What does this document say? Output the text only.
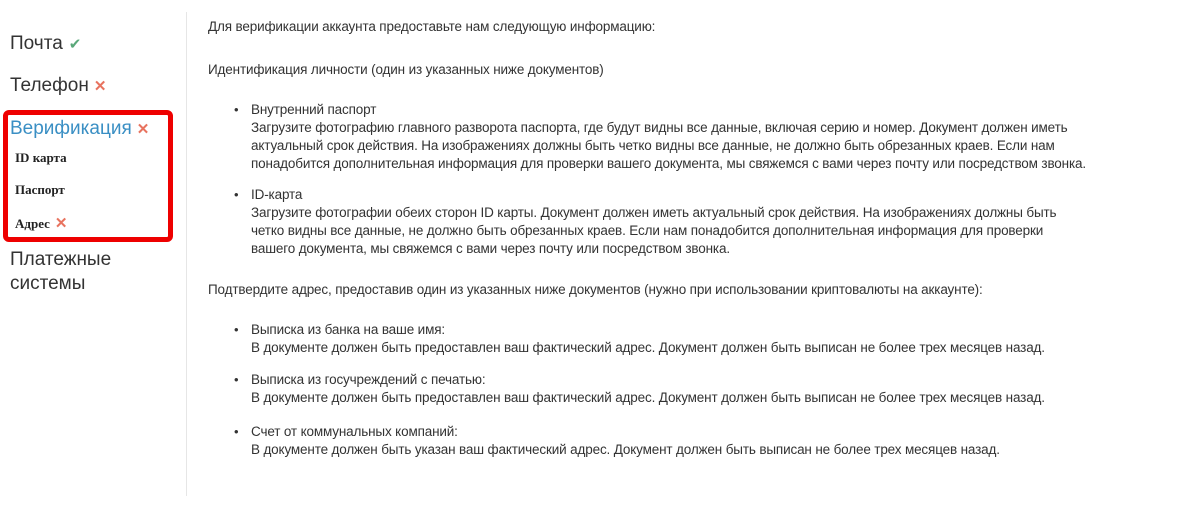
Почта ✔
Телефон ✕
Верификация ✕
ID карта
Паспорт
Адрес ✕
Платежные
системы
Для верификации аккаунта предоставьте нам следующую информацию:
Идентификация личности (один из указанных ниже документов)
• Внутренний паспорт
Загрузите фотографию главного разворота паспорта, где будут видны все данные, включая серию и номер. Документ должен иметь
актуальный срок действия. На изображениях должны быть четко видны все данные, не должно быть обрезанных краев. Если нам
понадобится дополнительная информация для проверки вашего документа, мы свяжемся с вами через почту или посредством звонка.
• ID-карта
Загрузите фотографии обеих сторон ID карты. Документ должен иметь актуальный срок действия. На изображениях должны быть
четко видны все данные, не должно быть обрезанных краев. Если нам понадобится дополнительная информация для проверки
вашего документа, мы свяжемся с вами через почту или посредством звонка.
Подтвердите адрес, предоставив один из указанных ниже документов (нужно при использовании криптовалюты на аккаунте):
• Выписка из банка на ваше имя:
В документе должен быть предоставлен ваш фактический адрес. Документ должен быть выписан не более трех месяцев назад.
• Выписка из госучреждений с печатью:
В документе должен быть предоставлен ваш фактический адрес. Документ должен быть выписан не более трех месяцев назад.
• Счет от коммунальных компаний:
В документе должен быть указан ваш фактический адрес. Документ должен быть выписан не более трех месяцев назад.
